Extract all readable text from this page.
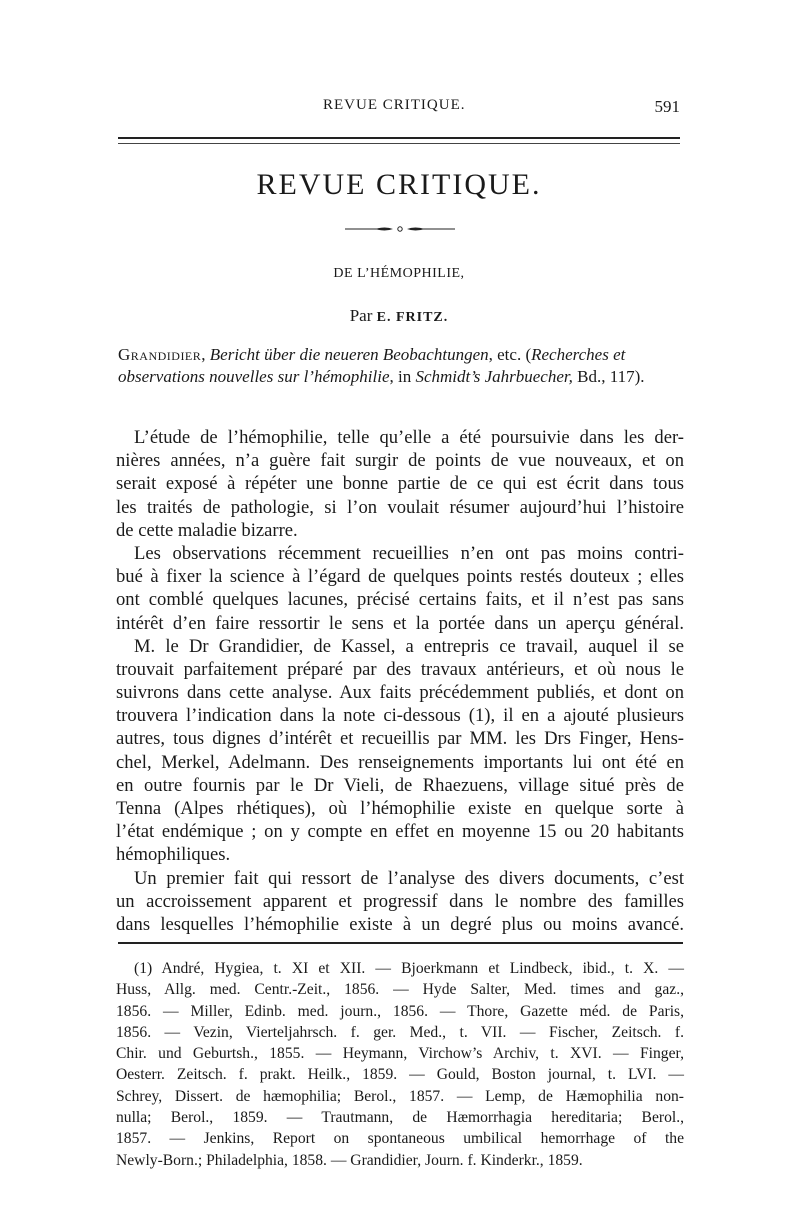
REVUE CRITIQUE.	591
REVUE CRITIQUE.
DE L’HÉMOPHILIE,
Par E. FRITZ.
Grandidier, Bericht über die neueren Beobachtungen, etc. (Recherches et observations nouvelles sur l’hémophilie, in Schmidt’s Jahrbuecher, Bd., 117).
L’étude de l’hémophilie, telle qu’elle a été poursuivie dans les der-
nières années, n’a guère fait surgir de points de vue nouveaux, et on
serait exposé à répéter une bonne partie de ce qui est écrit dans tous
les traités de pathologie, si l’on voulait résumer aujourd’hui l’histoire
de cette maladie bizarre.
Les observations récemment recueillies n’en ont pas moins contri-
bué à fixer la science à l’égard de quelques points restés douteux ; elles
ont comblé quelques lacunes, précisé certains faits, et il n’est pas sans
intérêt d’en faire ressortir le sens et la portée dans un aperçu général.
M. le Dr Grandidier, de Kassel, a entrepris ce travail, auquel il se
trouvait parfaitement préparé par des travaux antérieurs, et où nous le
suivrons dans cette analyse. Aux faits précédemment publiés, et dont on
trouvera l’indication dans la note ci-dessous (1), il en a ajouté plusieurs
autres, tous dignes d’intérêt et recueillis par MM. les Drs Finger, Hens-
chel, Merkel, Adelmann. Des renseignements importants lui ont été en
en outre fournis par le Dr Vieli, de Rhaezuens, village situé près de
Tenna (Alpes rhétiques), où l’hémophilie existe en quelque sorte à
l’état endémique ; on y compte en effet en moyenne 15 ou 20 habitants
hémophiliques.
Un premier fait qui ressort de l’analyse des divers documents, c’est
un accroissement apparent et progressif dans le nombre des familles
dans lesquelles l’hémophilie existe à un degré plus ou moins avancé.
(1) André, Hygiea, t. XI et XII. — Bjoerkmann et Lindbeck, ibid., t. X. —
Huss, Allg. med. Centr.-Zeit., 1856. — Hyde Salter, Med. times and gaz.,
1856. — Miller, Edinb. med. journ., 1856. — Thore, Gazette méd. de Paris,
1856. — Vezin, Vierteljahrsch. f. ger. Med., t. VII. — Fischer, Zeitsch. f.
Chir. und Geburtsh., 1855. — Heymann, Virchow’s Archiv, t. XVI. — Finger,
Oesterr. Zeitsch. f. prakt. Heilk., 1859. — Gould, Boston journal, t. LVI. —
Schrey, Dissert. de hæmophilia; Berol., 1857. — Lemp, de Hæmophilia non-
nulla; Berol., 1859. — Trautmann, de Hæmorrhagia hereditaria; Berol.,
1857. — Jenkins, Report on spontaneous umbilical hemorrhage of the
Newly-Born.; Philadelphia, 1858. — Grandidier, Journ. f. Kinderkr., 1859.
